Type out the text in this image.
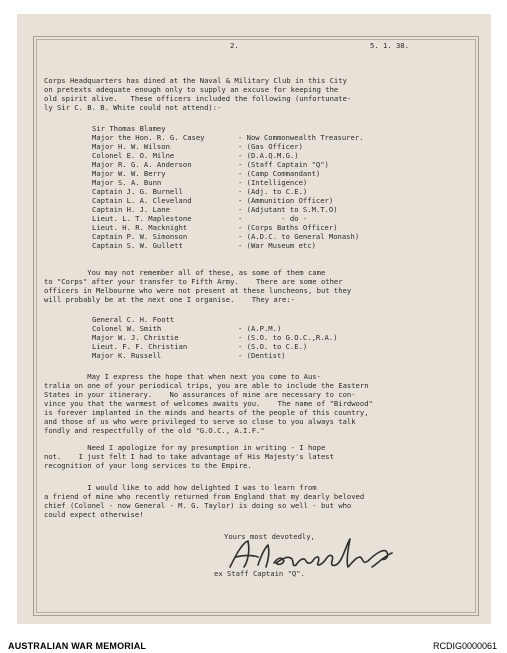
2.	5. 1. 38.
Corps Headquarters has dined at the Naval & Military Club in this City
on pretexts adequate enough only to supply an excuse for keeping the
old spirit alive.   These officers included the following (unfortunate-
ly Sir C. B. B. White could not attend):-
Sir Thomas Blamey
Major the Hon. R. G. Casey	- Now Commonwealth Treasurer.
Major H. W. Wilson	- (Gas Officer)
Colonel E. O. Milne	- (D.A.Q.M.G.)
Major R. G. A. Anderson	- (Staff Captain "Q")
Major W. W. Berry	- (Camp Commandant)
Major S. A. Bunn	- (Intelligence)
Captain J. G. Burnell	- (Adj. to C.E.)
Captain L. A. Cleveland	- (Ammunition Officer)
Captain H. J. Lane	- (Adjutant to S.M.T.O)
Lieut. L. T. Maplestone	-         - do -
Lieut. H. R. Macknight	- (Corps Baths Officer)
Captain P. W. Simonson	- (A.D.C. to General Monash)
Captain S. W. Gullett	- (War Museum etc)
You may not remember all of these, as some of them came
to "Corps" after your transfer to Fifth Army.    There are some other
officers in Melbourne who were not present at these luncheons, but they
will probably be at the next one I organise.    They are:-
General C. H. Foott
Colonel W. Smith	- (A.P.M.)
Major W. J. Christie	- (S.O. to G.O.C.,R.A.)
Lieut. F. F. Christian	- (S.O. to C.E.)
Major K. Russell	- (Dentist)
May I express the hope that when next you come to Aus-
tralia on one of your periodical trips, you are able to include the Eastern
States in your itinerary.    No assurances of mine are necessary to con-
vince you that the warmest of welcomes awaits you.    The name of "Birdwood"
is forever implanted in the minds and hearts of the people of this country,
and those of us who were privileged to serve so close to you always talk
fondly and respectfully of the old "G.O.C., A.I.F."
Need I apologize for my presumption in writing - I hope
not.    I just felt I had to take advantage of His Majesty's latest
recognition of your long services to the Empire.
I would like to add how delighted I was to learn from
a friend of mine who recently returned from England that my dearly beloved
chief (Colonel - now General - M. G. Taylor) is doing so well - but who
could expect otherwise!
Yours most devotedly,
ex Staff Captain "Q".
AUSTRALIAN WAR MEMORIAL	RCDIG0000061
